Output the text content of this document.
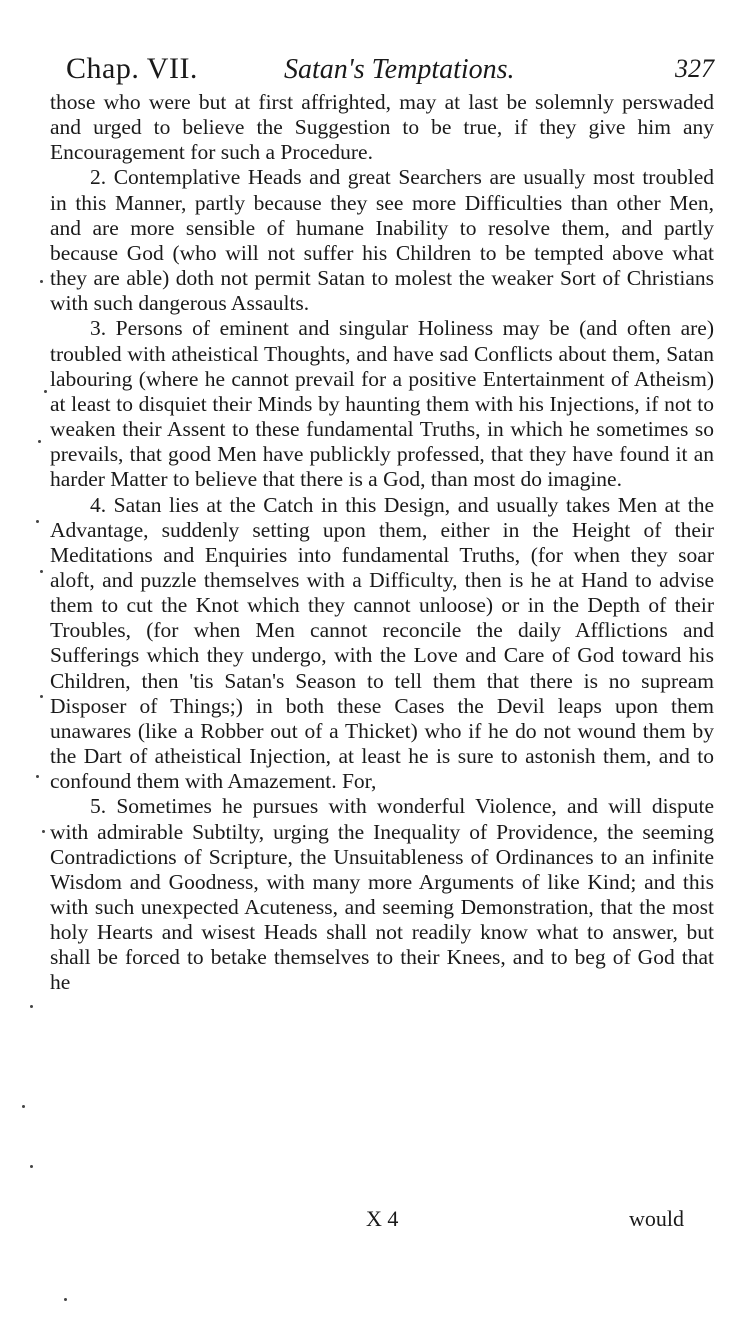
Chap. VII.	Satan's Temptations.	327

those who were but at first affrighted, may at last be solemnly perswaded and urged to believe the Suggestion to be true, if they give him any Encouragement for such a Procedure.

2. Contemplative Heads and great Searchers are usually most troubled in this Manner, partly because they see more Difficulties than other Men, and are more sensible of humane Inability to resolve them, and partly because God (who will not suffer his Children to be tempted above what they are able) doth not permit Satan to molest the weaker Sort of Christians with such dangerous Assaults.

3. Persons of eminent and singular Holiness may be (and often are) troubled with atheistical Thoughts, and have sad Conflicts about them, Satan labouring (where he cannot prevail for a positive Entertainment of Atheism) at least to disquiet their Minds by haunting them with his Injections, if not to weaken their Assent to these fundamental Truths, in which he sometimes so prevails, that good Men have publickly professed, that they have found it an harder Matter to believe that there is a God, than most do imagine.

4. Satan lies at the Catch in this Design, and usually takes Men at the Advantage, suddenly setting upon them, either in the Height of their Meditations and Enquiries into fundamental Truths, (for when they soar aloft, and puzzle themselves with a Difficulty, then is he at Hand to advise them to cut the Knot which they cannot unloose) or in the Depth of their Troubles, (for when Men cannot reconcile the daily Afflictions and Sufferings which they undergo, with the Love and Care of God toward his Children, then 'tis Satan's Season to tell them that there is no supream Disposer of Things;) in both these Cases the Devil leaps upon them unawares (like a Robber out of a Thicket) who if he do not wound them by the Dart of atheistical Injection, at least he is sure to astonish them, and to confound them with Amazement. For,

5. Sometimes he pursues with wonderful Violence, and will dispute with admirable Subtilty, urging the Inequality of Providence, the seeming Contradictions of Scripture, the Unsuitableness of Ordinances to an infinite Wisdom and Goodness, with many more Arguments of like Kind; and this with such unexpected Acuteness, and seeming Demonstration, that the most holy Hearts and wisest Heads shall not readily know what to answer, but shall be forced to betake themselves to their Knees, and to beg of God that he

X 4	would
